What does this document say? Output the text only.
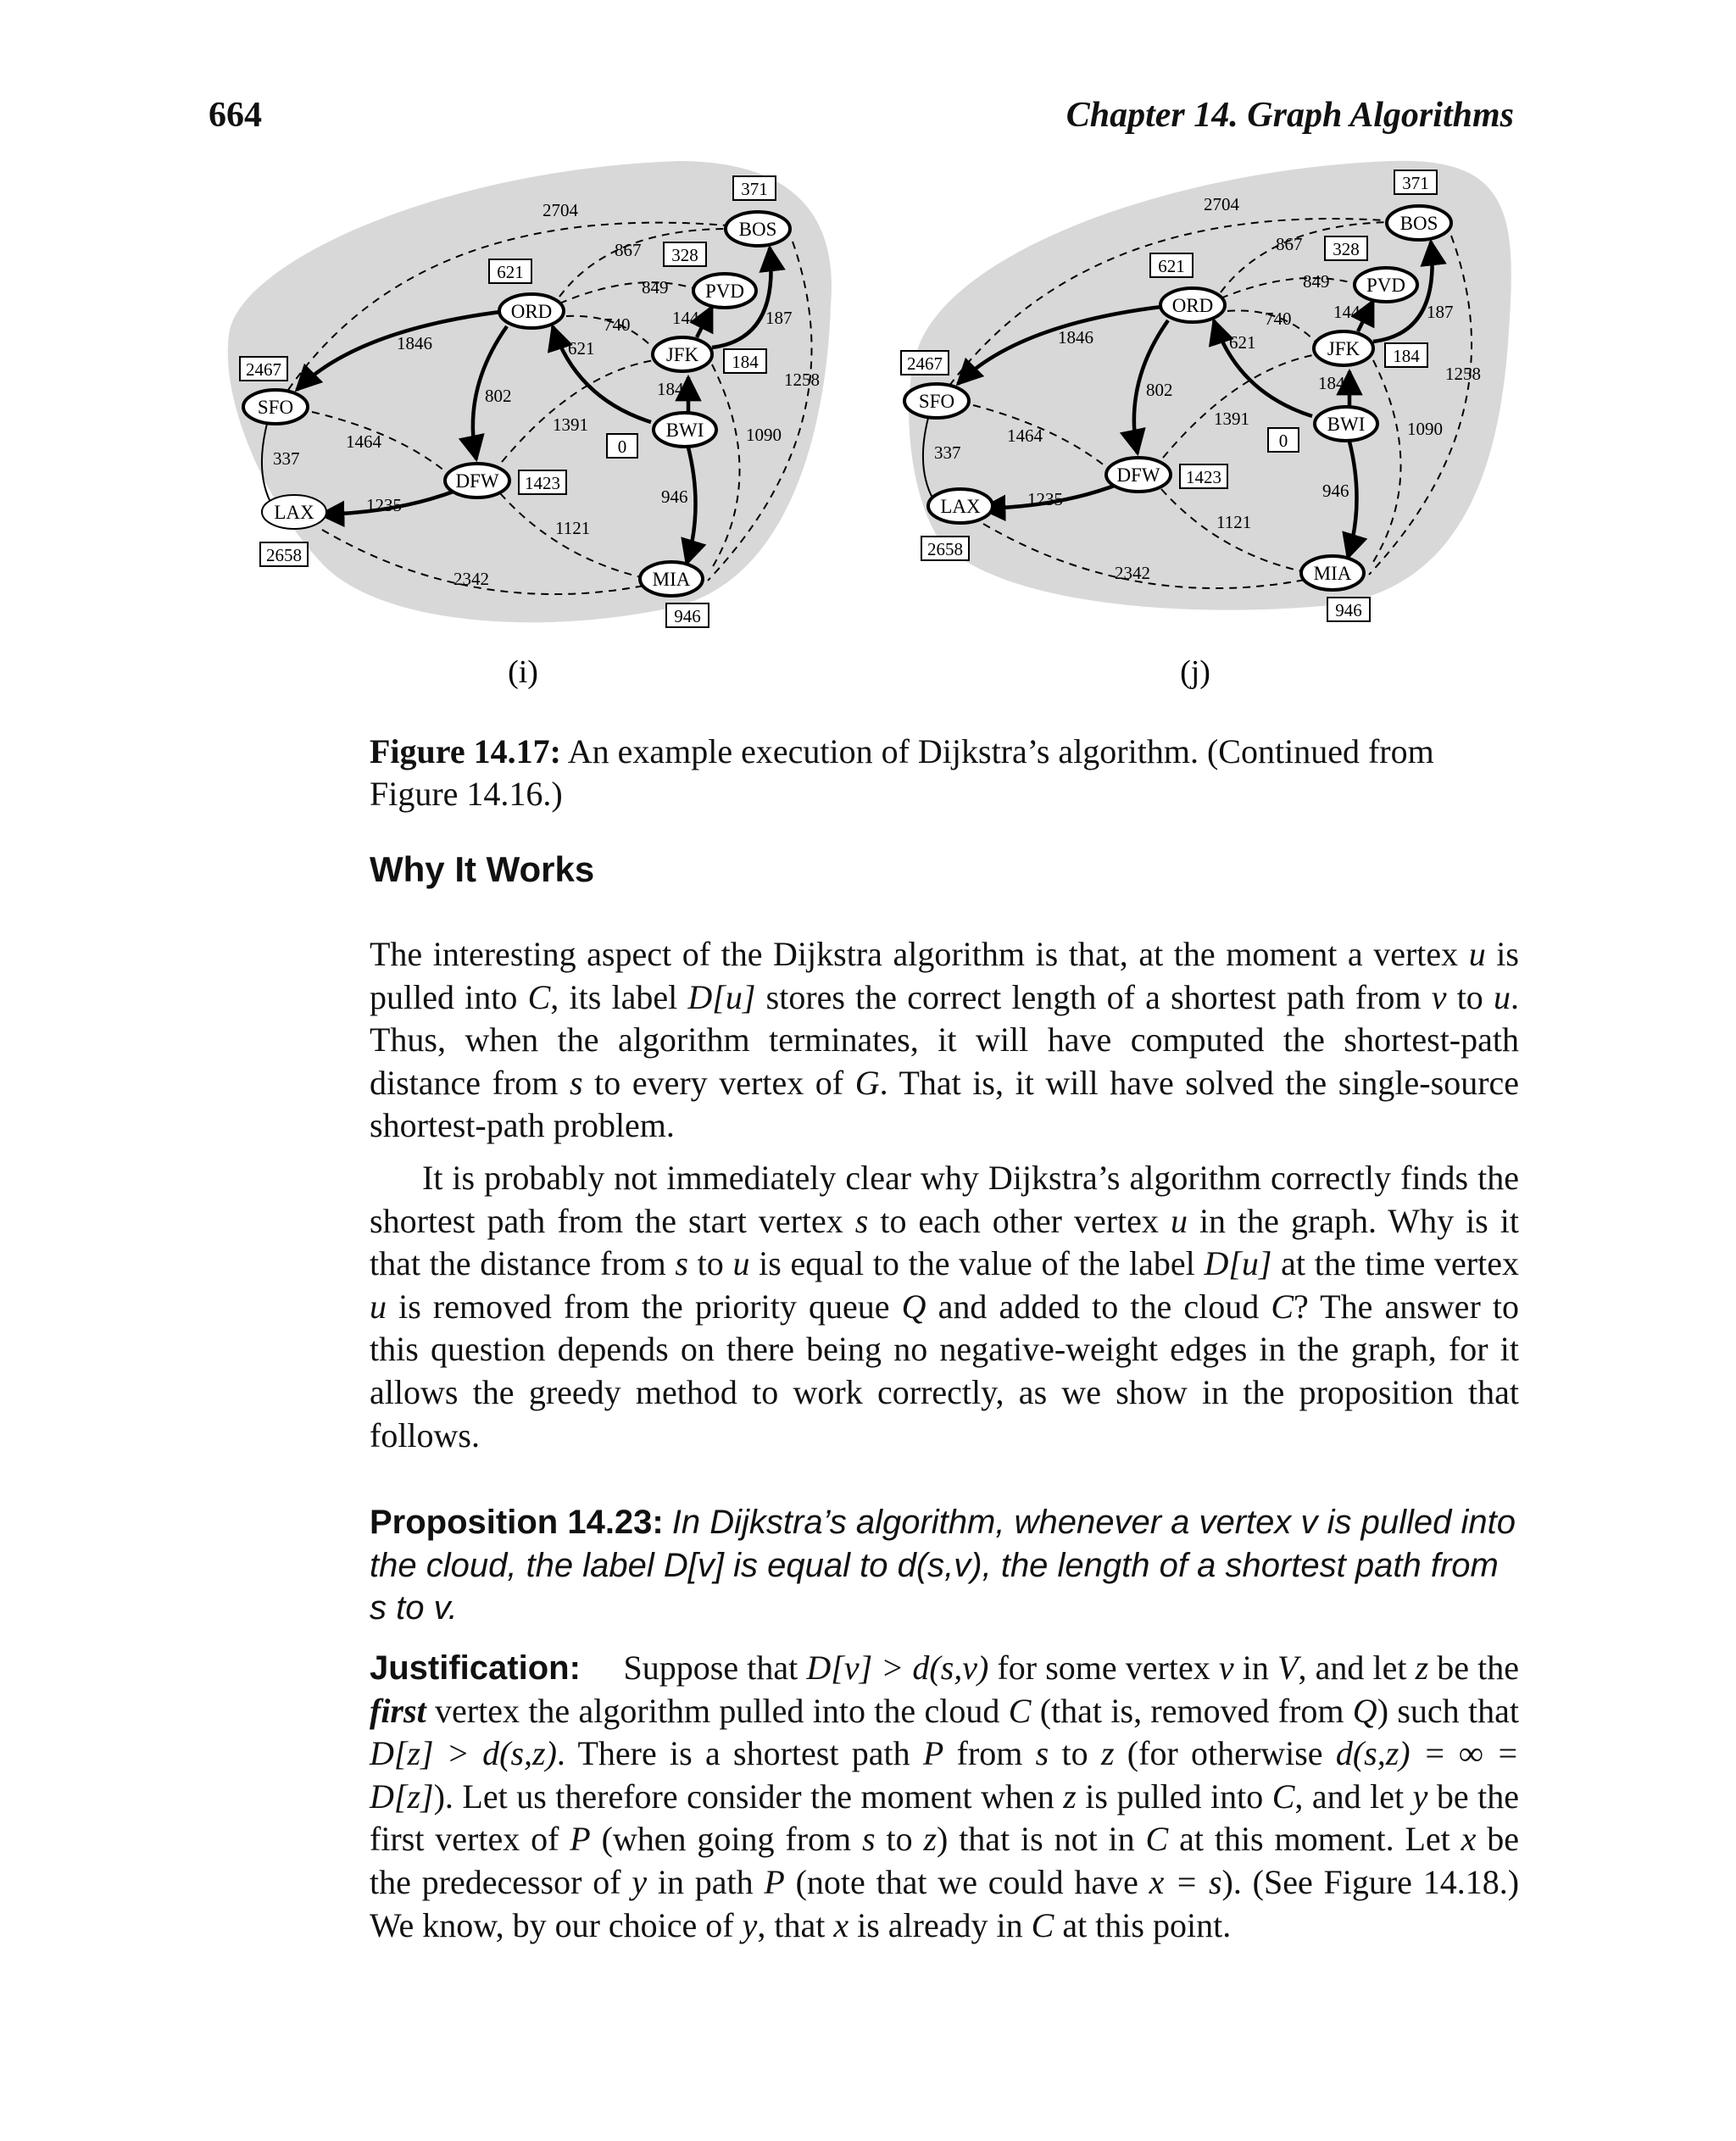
664	Chapter 14. Graph Algorithms
2704
867
849
740 144	187
1846
802
621
184	1258
1090
1391
1464
337
1235
1121
946
2342
BOS
PVD
ORD
JFK
SFO
BWI
DFW
LAX
MIA
371
328
621
184
2467
0
1423
2658
946
(i)
2704
867
849
740 144	187
1846
802
621
184	1258
1090
1391
1464
337
1235
1121
946
2342
BOS
PVD
ORD
JFK
SFO
BWI
DFW
LAX
MIA
371
328
621
184
2467
0
1423
2658
946
(j)
Figure 14.17: An example execution of Dijkstra’s algorithm. (Continued from Figure 14.16.)
Why It Works

The interesting aspect of the Dijkstra algorithm is that, at the moment a vertex u is pulled into C, its label D[u] stores the correct length of a shortest path from v to u. Thus, when the algorithm terminates, it will have computed the shortest-path distance from s to every vertex of G. That is, it will have solved the single-source shortest-path problem.

It is probably not immediately clear why Dijkstra’s algorithm correctly finds the shortest path from the start vertex s to each other vertex u in the graph. Why is it that the distance from s to u is equal to the value of the label D[u] at the time vertex u is removed from the priority queue Q and added to the cloud C? The answer to this question depends on there being no negative-weight edges in the graph, for it allows the greedy method to work correctly, as we show in the proposition that follows.

Proposition 14.23: In Dijkstra’s algorithm, whenever a vertex v is pulled into the cloud, the label D[v] is equal to d(s,v), the length of a shortest path from s to v.

Justification: Suppose that D[v] > d(s,v) for some vertex v in V, and let z be the first vertex the algorithm pulled into the cloud C (that is, removed from Q) such that D[z] > d(s,z). There is a shortest path P from s to z (for otherwise d(s,z) = ∞ = D[z]). Let us therefore consider the moment when z is pulled into C, and let y be the first vertex of P (when going from s to z) that is not in C at this moment. Let x be the predecessor of y in path P (note that we could have x = s). (See Figure 14.18.) We know, by our choice of y, that x is already in C at this point.
